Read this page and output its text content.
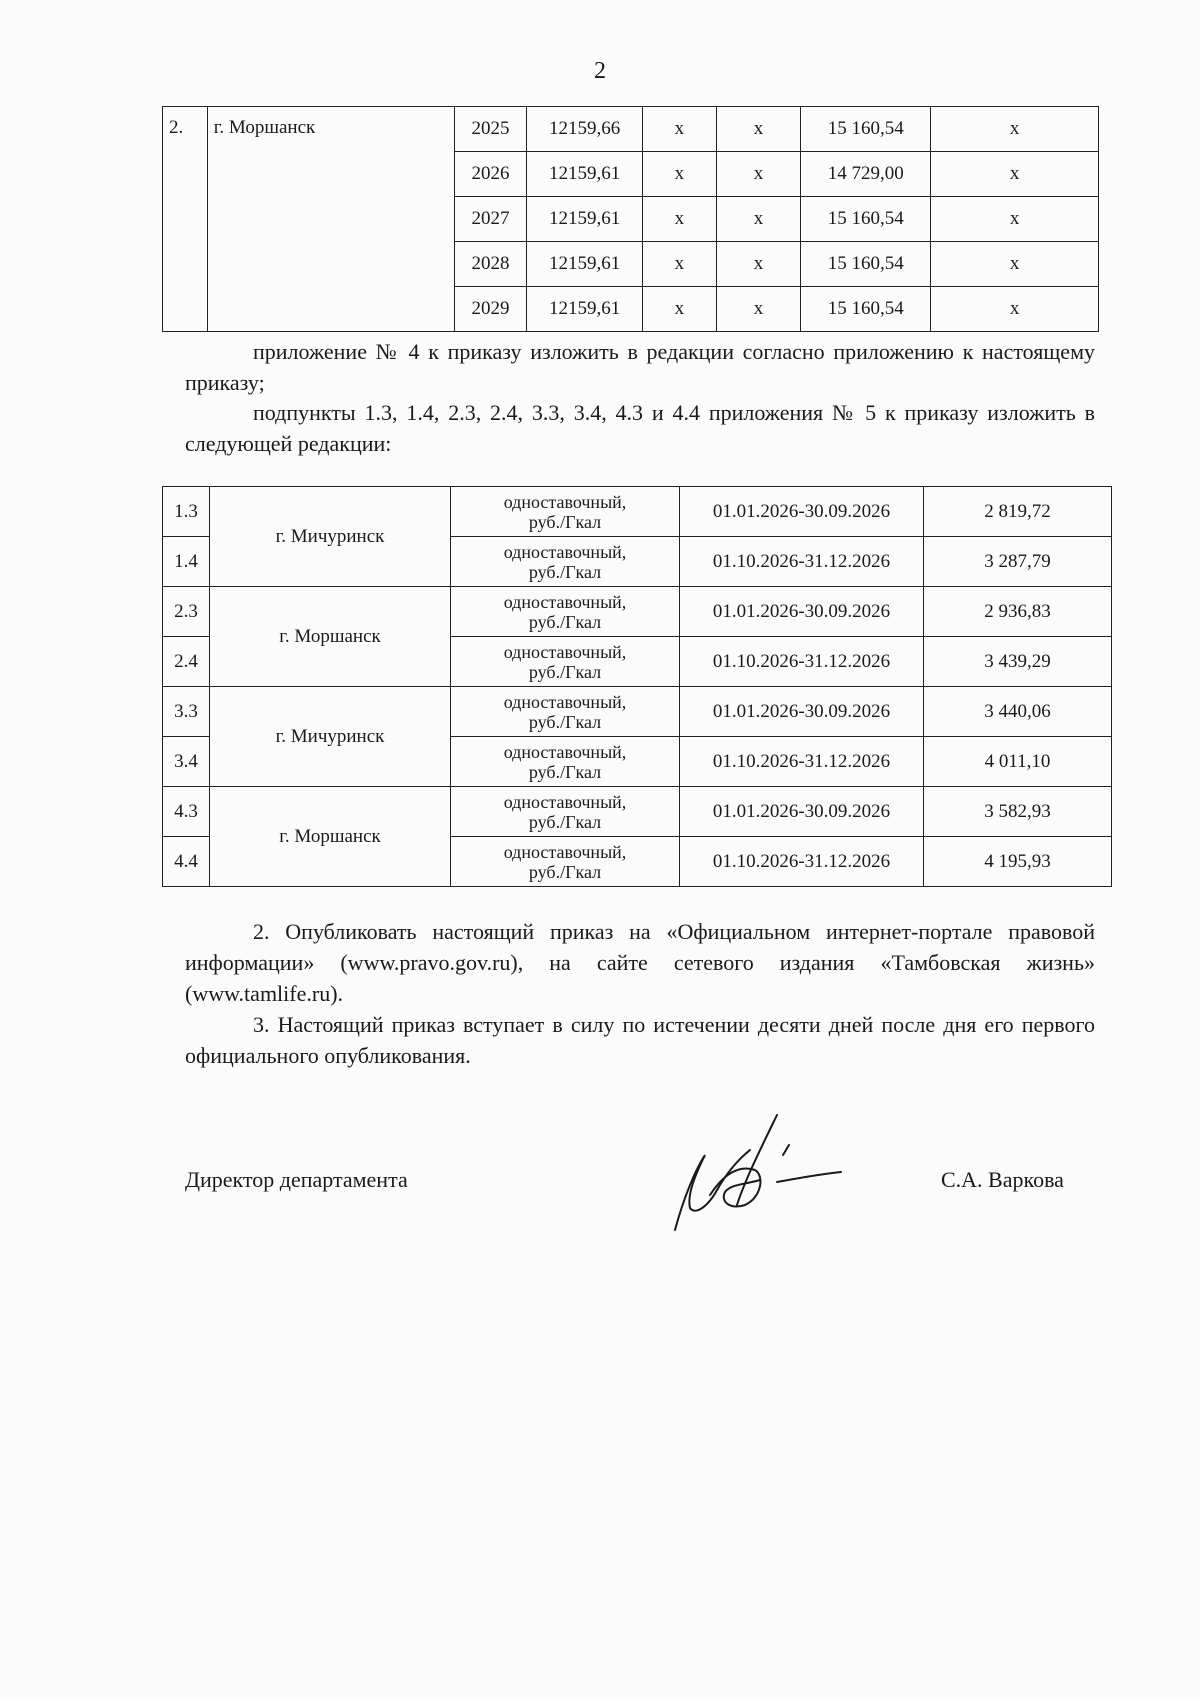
2
2.	г. Моршанск	2025	12159,66	x	x	15 160,54	x
		2026	12159,61	x	x	14 729,00	x
		2027	12159,61	x	x	15 160,54	x
		2028	12159,61	x	x	15 160,54	x
		2029	12159,61	x	x	15 160,54	x

приложение № 4 к приказу изложить в редакции согласно приложению к настоящему приказу;

подпункты 1.3, 1.4, 2.3, 2.4, 3.3, 3.4, 4.3 и 4.4 приложения № 5 к приказу изложить в следующей редакции:

1.3	г. Мичуринск	одноставочный,
руб./Гкал	01.01.2026-30.09.2026	2 819,72
1.4		одноставочный,
руб./Гкал	01.10.2026-31.12.2026	3 287,79
2.3	г. Моршанск	одноставочный,
руб./Гкал	01.01.2026-30.09.2026	2 936,83
2.4		одноставочный,
руб./Гкал	01.10.2026-31.12.2026	3 439,29
3.3	г. Мичуринск	одноставочный,
руб./Гкал	01.01.2026-30.09.2026	3 440,06
3.4		одноставочный,
руб./Гкал	01.10.2026-31.12.2026	4 011,10
4.3	г. Моршанск	одноставочный,
руб./Гкал	01.01.2026-30.09.2026	3 582,93
4.4		одноставочный,
руб./Гкал	01.10.2026-31.12.2026	4 195,93

2. Опубликовать настоящий приказ на «Официальном интернет-портале правовой информации» (www.pravo.gov.ru), на сайте сетевого издания «Тамбовская жизнь» (www.tamlife.ru).

3. Настоящий приказ вступает в силу по истечении десяти дней после дня его первого официального опубликования.

Директор департамента	С.А. Варкова
